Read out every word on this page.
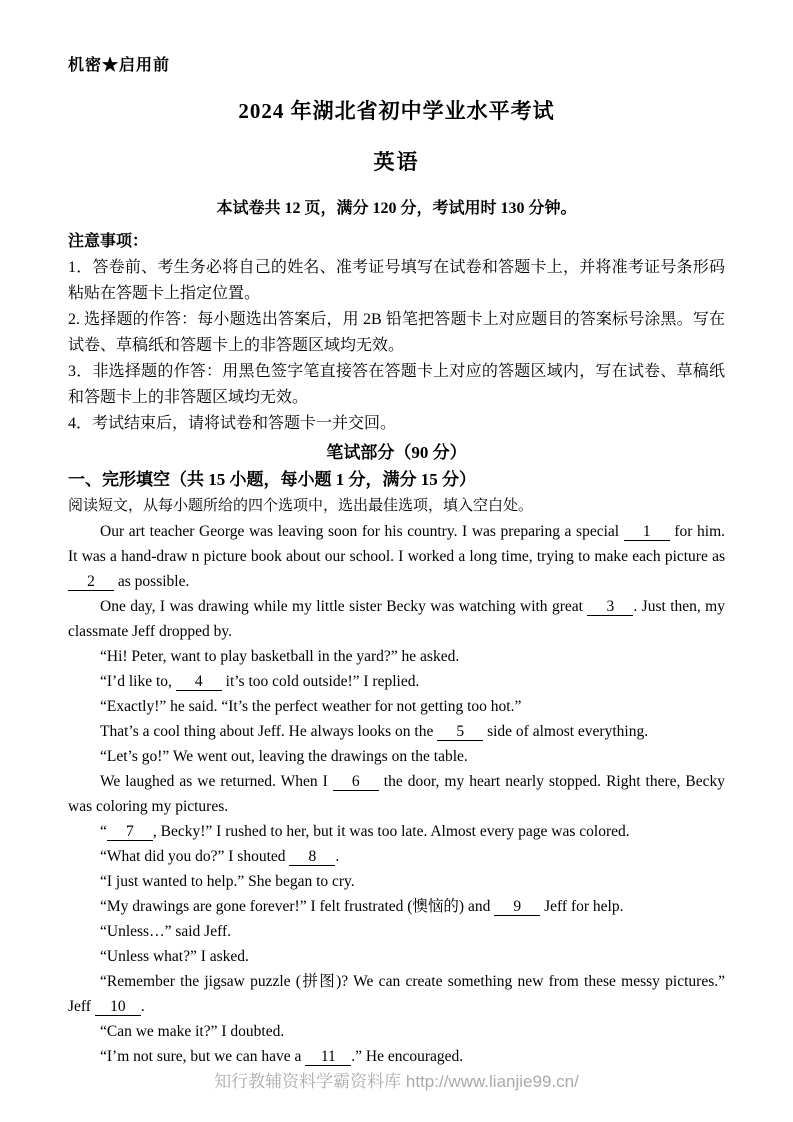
机密★启用前
2024 年湖北省初中学业水平考试
英语
本试卷共 12 页，满分 120 分，考试用时 130 分钟。
注意事项：

1．答卷前、考生务必将自己的姓名、准考证号填写在试卷和答题卡上，并将准考证号条形码粘贴在答题卡上指定位置。

2. 选择题的作答：每小题选出答案后，用 2B 铅笔把答题卡上对应题目的答案标号涂黑。写在试卷、草稿纸和答题卡上的非答题区域均无效。

3．非选择题的作答：用黑色签字笔直接答在答题卡上对应的答题区域内，写在试卷、草稿纸和答题卡上的非答题区域均无效。

4．考试结束后，请将试卷和答题卡一并交回。

笔试部分（90 分）
一、完形填空（共 15 小题，每小题 1 分，满分 15 分）
阅读短文，从每小题所给的四个选项中，选出最佳选项，填入空白处。

Our art teacher George was leaving soon for his country. I was preparing a special 1 for him. It was a hand-draw n picture book about our school. I worked a long time, trying to make each picture as 2 as possible.

One day, I was drawing while my little sister Becky was watching with great 3 . Just then, my classmate Jeff dropped by.

“Hi! Peter, want to play basketball in the yard?” he asked.

“I’d like to, 4 it’s too cold outside!” I replied.

“Exactly!” he said. “It’s the perfect weather for not getting too hot.”

That’s a cool thing about Jeff. He always looks on the 5 side of almost everything.

“Let’s go!” We went out, leaving the drawings on the table.

We laughed as we returned. When I 6 the door, my heart nearly stopped. Right there, Becky was coloring my pictures.

“ 7 , Becky!” I rushed to her, but it was too late. Almost every page was colored.

“What did you do?” I shouted 8 .

“I just wanted to help.” She began to cry.

“My drawings are gone forever!” I felt frustrated (懊恼的) and 9 Jeff for help.

“Unless…” said Jeff.

“Unless what?” I asked.

“Remember the jigsaw puzzle (拼图)? We can create something new from these messy pictures.” Jeff 10 .

“Can we make it?” I doubted.

“I’m not sure, but we can have a 11 .” He encouraged.

知行教辅资料学霸资料库 http://www.lianjie99.cn/
